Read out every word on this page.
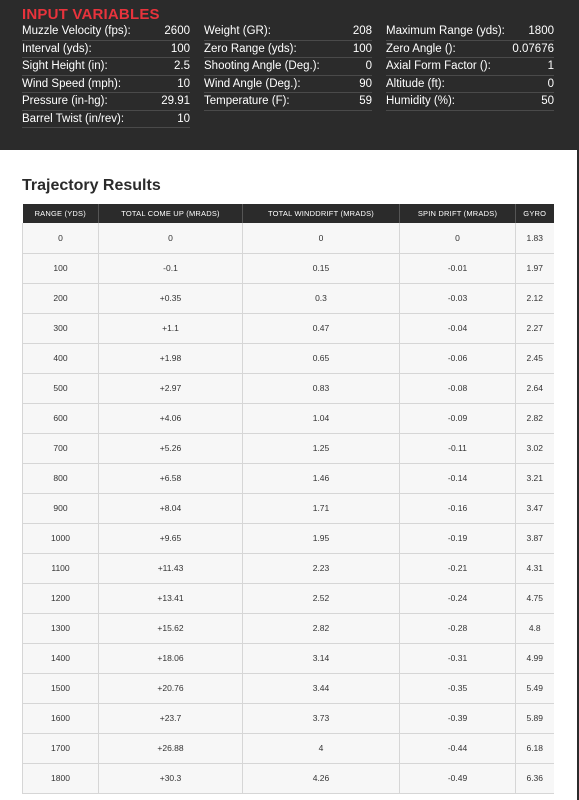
INPUT VARIABLES
Muzzle Velocity (fps):	2600
Interval (yds):	100
Sight Height (in):	2.5
Wind Speed (mph):	10
Pressure (in-hg):	29.91
Barrel Twist (in/rev):	10
Weight (GR):	208
Zero Range (yds):	100
Shooting Angle (Deg.):	0
Wind Angle (Deg.):	90
Temperature (F):	59
Maximum Range (yds): 1800
Zero Angle ():	0.07676
Axial Form Factor ():	1
Altitude (ft):	0
Humidity (%):	50
Trajectory Results
RANGE (YDS)	TOTAL COME UP (MRADS)	TOTAL WINDDRIFT (MRADS)	SPIN DRIFT (MRADS)	GYRO
0	0	0	0	1.83
100	-0.1	0.15	-0.01	1.97
200	+0.35	0.3	-0.03	2.12
300	+1.1	0.47	-0.04	2.27
400	+1.98	0.65	-0.06	2.45
500	+2.97	0.83	-0.08	2.64
600	+4.06	1.04	-0.09	2.82
700	+5.26	1.25	-0.11	3.02
800	+6.58	1.46	-0.14	3.21
900	+8.04	1.71	-0.16	3.47
1000	+9.65	1.95	-0.19	3.87
1100	+11.43	2.23	-0.21	4.31
1200	+13.41	2.52	-0.24	4.75
1300	+15.62	2.82	-0.28	4.8
1400	+18.06	3.14	-0.31	4.99
1500	+20.76	3.44	-0.35	5.49
1600	+23.7	3.73	-0.39	5.89
1700	+26.88	4	-0.44	6.18
1800	+30.3	4.26	-0.49	6.36
